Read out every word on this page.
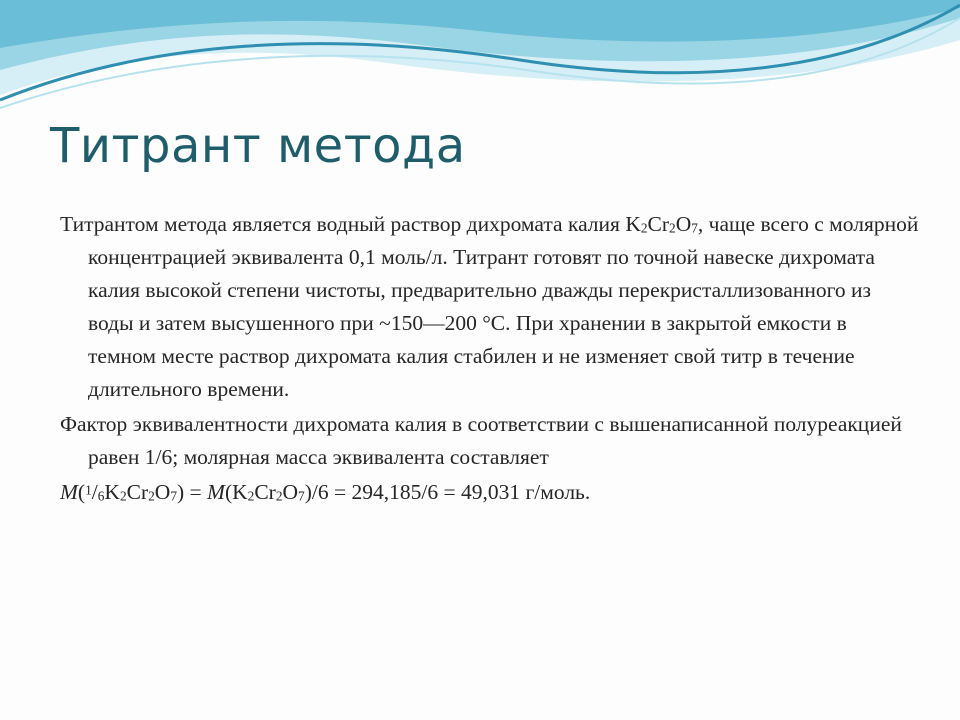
Титрант метода

Титрантом метода является водный раствор дихромата калия K2Cr2O7, чаще всего с молярной концентрацией эквивалента 0,1 моль/л. Титрант готовят по точной навеске дихромата калия высокой степени чистоты, предварительно дважды перекристаллизованного из воды и затем высушенного при ~150—200 °С. При хранении в закрытой емкости в темном месте раствор дихромата калия стабилен и не изменяет свой титр в течение длительного времени.

Фактор эквивалентности дихромата калия в соответствии с вышенаписанной полуреакцией равен 1/6; молярная масса эквивалента составляет

M($^1$/6K2Cr2O7) = M(K2Cr2O7)/6 = 294,185/6 = 49,031 г/моль.
